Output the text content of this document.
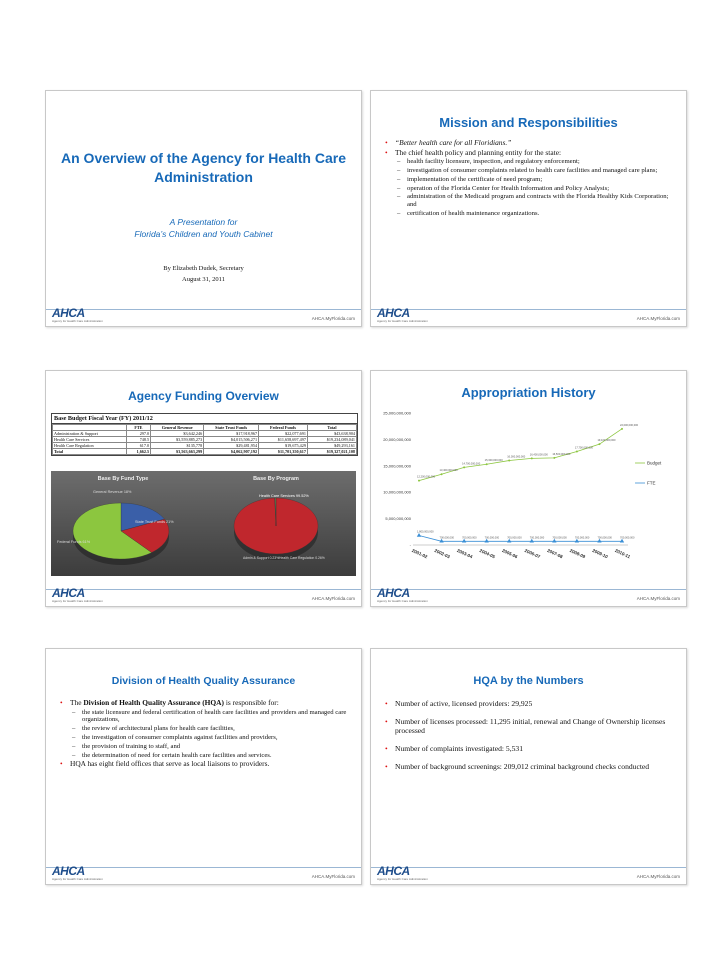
An Overview of the Agency for Health Care Administration
A Presentation for
Florida’s Children and Youth Cabinet
By Elizabeth Dudek, Secretary
August 31, 2011
AHCA
Agency for Health Care Administration	AHCA.MyFlorida.com
Mission and Responsibilities
• “Better health care for all Floridians.”
• The chief health policy and planning entity for the state:
– health facility licensure, inspection, and regulatory enforcement;
– investigation of consumer complaints related to health care facilities and managed care plans;
– implementation of the certificate of need program;
– operation of the Florida Center for Health Information and Policy Analysis;
– administration of the Medicaid program and contracts with the Florida Healthy Kids Corporation; and
– certification of health maintenance organizations.
AHCA
Agency for Health Care Administration	AHCA.MyFlorida.com
Agency Funding Overview
Base Budget Fiscal Year (FY) 2011/12
	FTE	General Revenue	State Trust Funds	Federal Funds	Total
Administration & Support	297.0	$3,642,246	$17,918,967	$22,077,691	$43,638,904
Health Care Services	748.5	$3,559,885,273	$4,015,506,271	$11,658,697,497	$19,234,089,041
Health Care Regulation	617.0	$135,778	$29,481,954	$19,675,429	$49,293,161
Total	1,662.5	$3,563,663,299	$4,062,907,192	$11,701,350,617	$19,327,021,108
Base By Fund Type	Base By Program
General Revenue 18%
State Trust Funds 21%
Federal Funds 61%
Health Care Services 99.52%
Admin & Support 0.23% Health Care Regulation 0.26%
AHCA
Agency for Health Care Administration	AHCA.MyFlorida.com
Appropriation History
-
5,000,000,000
10,000,000,000
15,000,000,000
20,000,000,000
25,000,000,000
2001-02 2002-03 2003-04 2004-05 2005-06 2006-07 2007-08 2008-09 2009-10 2010-11
12,200,000,000
13,400,000,000
14,700,000,000
15,300,000,000
16,000,000,000
16,400,000,000 16,500,000,000
17,700,000,000
19,100,000,000
22,000,000,000
Budget
1,800,000,000
700,000,000	700,000,000	700,000,000	700,000,000	700,000,000	700,000,000	700,000,000	700,000,000	700,000,000
FTE
AHCA
Agency for Health Care Administration	AHCA.MyFlorida.com
Division of Health Quality Assurance
• The Division of Health Quality Assurance (HQA) is responsible for:
– the state licensure and federal certification of health care facilities and providers and managed care organizations,
– the review of architectural plans for health care facilities,
– the investigation of consumer complaints against facilities and providers,
– the provision of training to staff, and
– the determination of need for certain health care facilities and services.
• HQA has eight field offices that serve as local liaisons to providers.
AHCA
Agency for Health Care Administration	AHCA.MyFlorida.com
HQA by the Numbers
• Number of active, licensed providers: 29,925
• Number of licenses processed: 11,295 initial, renewal and Change of Ownership licenses processed
• Number of complaints investigated: 5,531
• Number of background screenings: 209,012 criminal background checks conducted
AHCA
Agency for Health Care Administration	AHCA.MyFlorida.com
